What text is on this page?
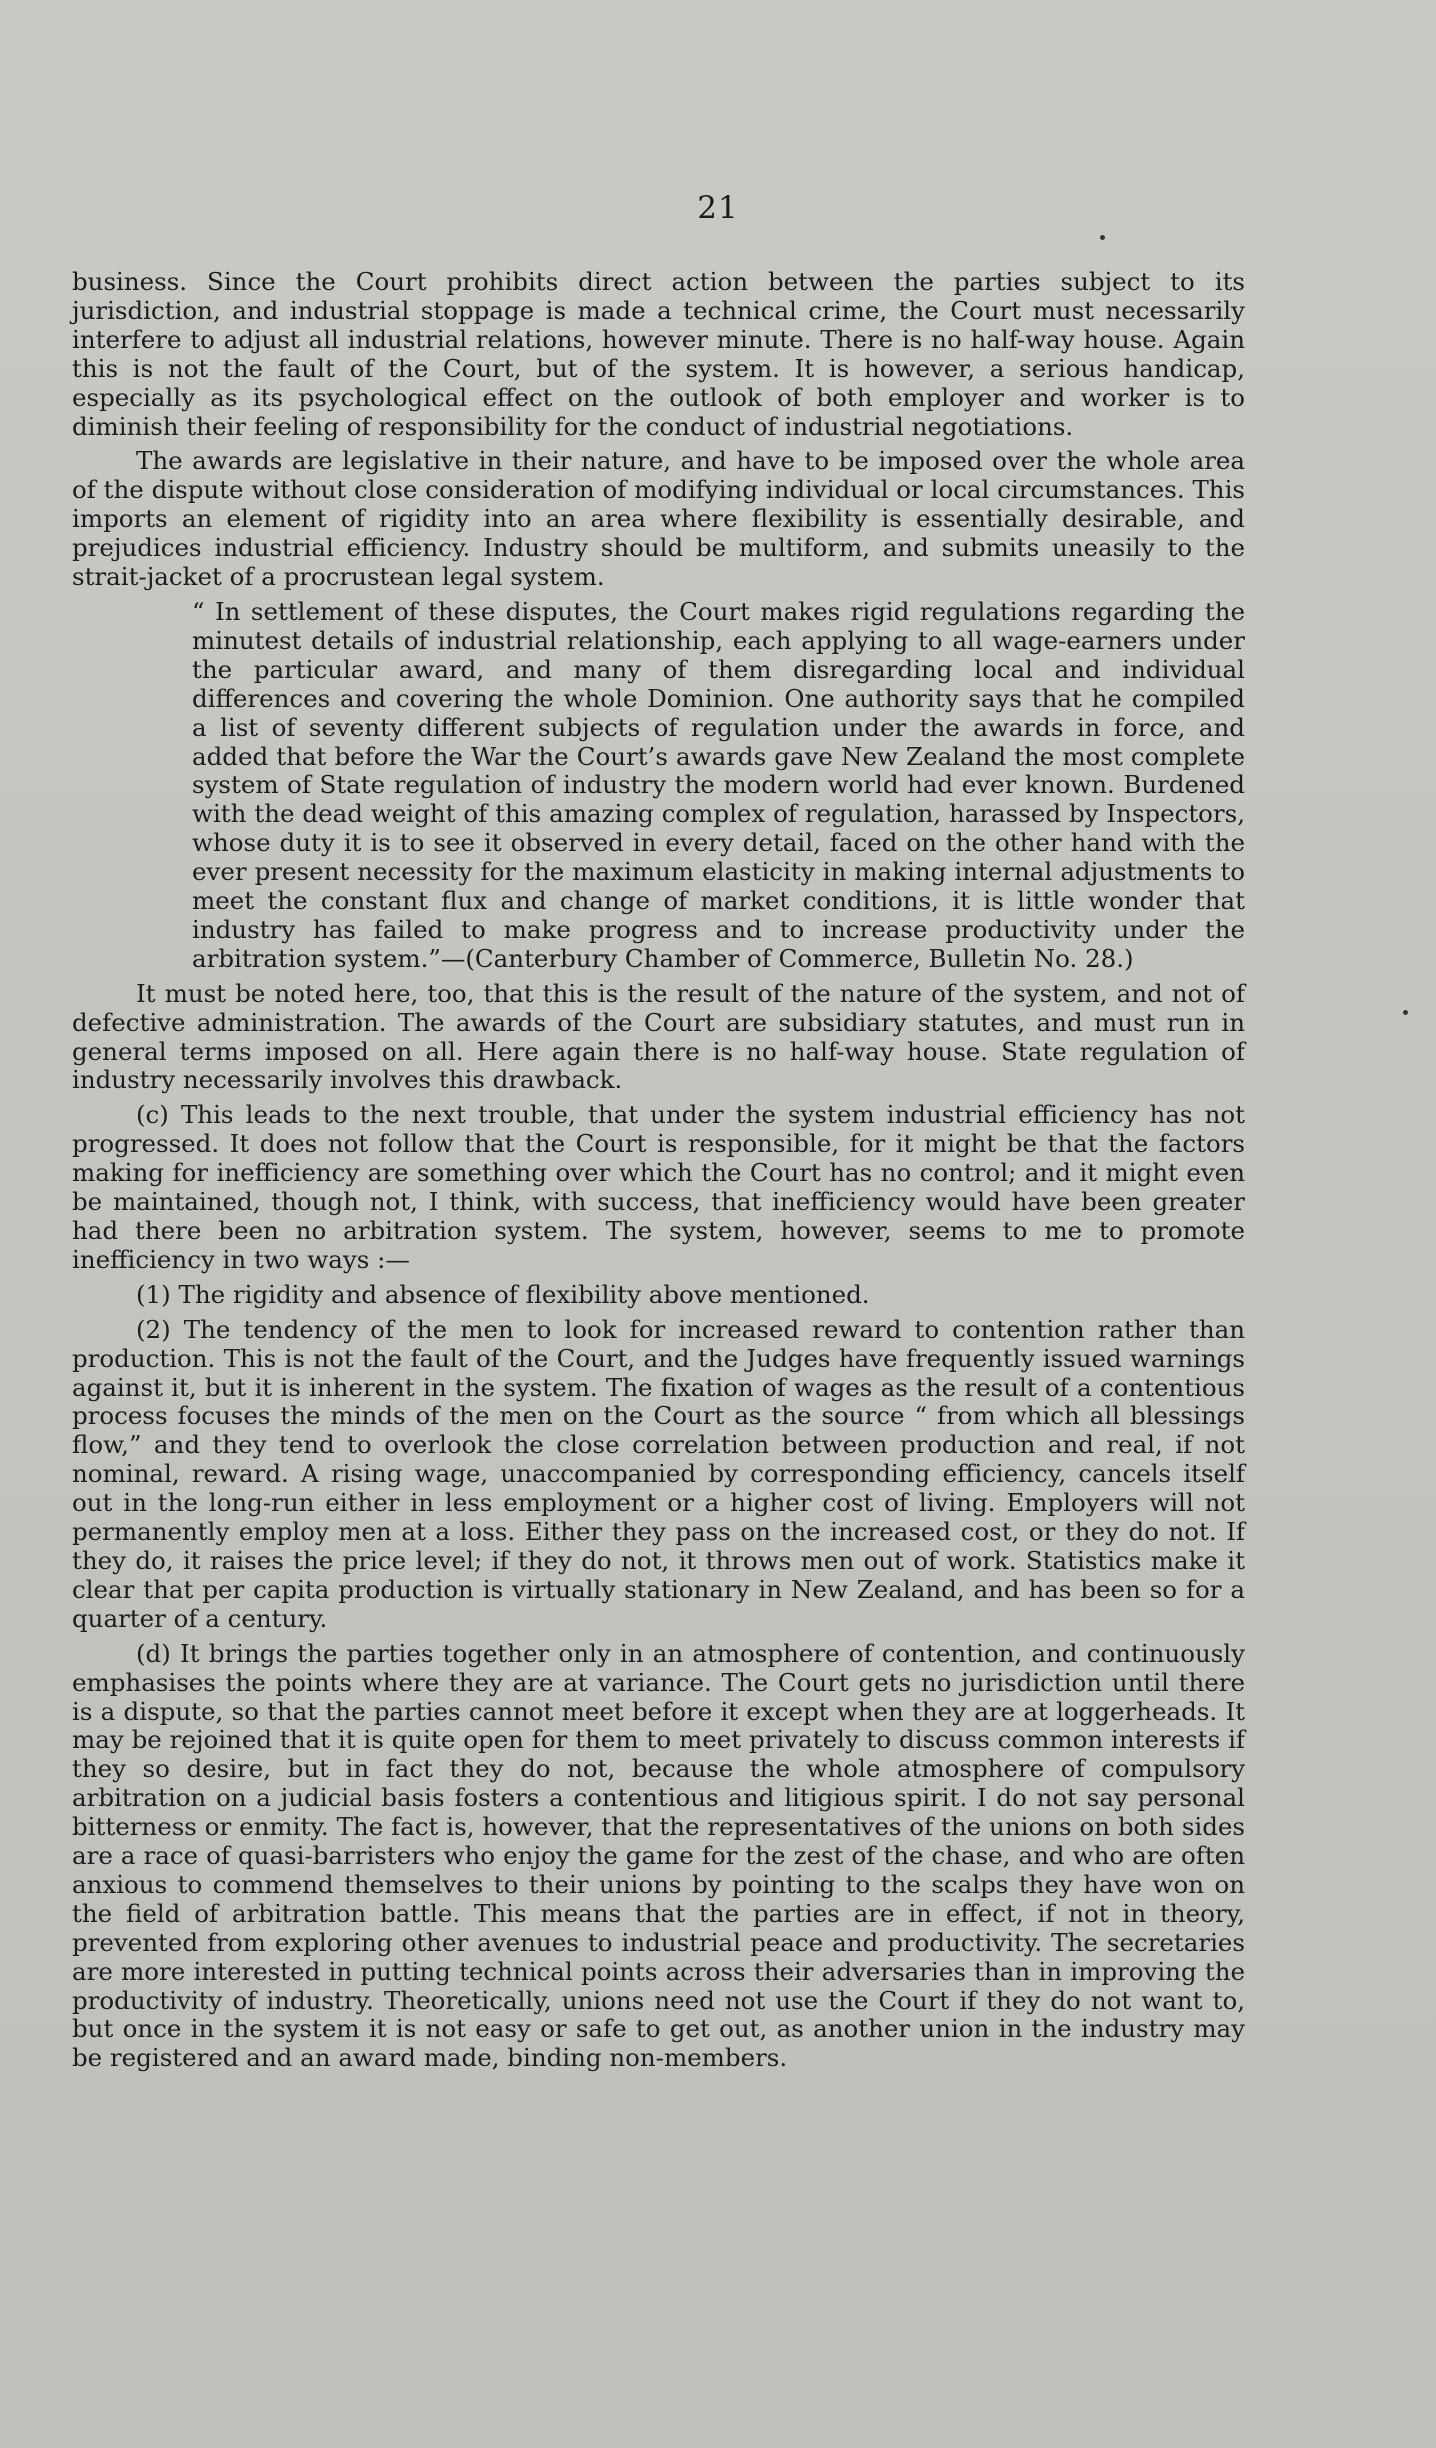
21

business. Since the Court prohibits direct action between the parties subject to its jurisdiction, and industrial stoppage is made a technical crime, the Court must necessarily interfere to adjust all industrial relations, however minute. There is no half-way house. Again this is not the fault of the Court, but of the system. It is however, a serious handicap, especially as its psychological effect on the outlook of both employer and worker is to diminish their feeling of responsibility for the conduct of industrial negotiations.

The awards are legislative in their nature, and have to be imposed over the whole area of the dispute without close consideration of modifying individual or local circumstances. This imports an element of rigidity into an area where flexibility is essentially desirable, and prejudices industrial efficiency. Industry should be multiform, and submits uneasily to the strait-jacket of a procrustean legal system.

“ In settlement of these disputes, the Court makes rigid regulations regarding the minutest details of industrial relationship, each applying to all wage-earners under the particular award, and many of them disregarding local and individual differences and covering the whole Dominion. One authority says that he compiled a list of seventy different subjects of regulation under the awards in force, and added that before the War the Court’s awards gave New Zealand the most complete system of State regulation of industry the modern world had ever known. Burdened with the dead weight of this amazing complex of regulation, harassed by Inspectors, whose duty it is to see it observed in every detail, faced on the other hand with the ever present necessity for the maximum elasticity in making internal adjustments to meet the constant flux and change of market conditions, it is little wonder that industry has failed to make progress and to increase productivity under the arbitration system.”—(Canterbury Chamber of Commerce, Bulletin No. 28.)

It must be noted here, too, that this is the result of the nature of the system, and not of defective administration. The awards of the Court are subsidiary statutes, and must run in general terms imposed on all. Here again there is no half-way house. State regulation of industry necessarily involves this drawback.

(c) This leads to the next trouble, that under the system industrial efficiency has not progressed. It does not follow that the Court is responsible, for it might be that the factors making for inefficiency are something over which the Court has no control; and it might even be maintained, though not, I think, with success, that inefficiency would have been greater had there been no arbitration system. The system, however, seems to me to promote inefficiency in two ways :—

(1) The rigidity and absence of flexibility above mentioned.

(2) The tendency of the men to look for increased reward to contention rather than production. This is not the fault of the Court, and the Judges have frequently issued warnings against it, but it is inherent in the system. The fixation of wages as the result of a contentious process focuses the minds of the men on the Court as the source “ from which all blessings flow,” and they tend to overlook the close correlation between production and real, if not nominal, reward. A rising wage, unaccompanied by corresponding efficiency, cancels itself out in the long-run either in less employment or a higher cost of living. Employers will not permanently employ men at a loss. Either they pass on the increased cost, or they do not. If they do, it raises the price level; if they do not, it throws men out of work. Statistics make it clear that per capita production is virtually stationary in New Zealand, and has been so for a quarter of a century.

(d) It brings the parties together only in an atmosphere of contention, and continuously emphasises the points where they are at variance. The Court gets no jurisdiction until there is a dispute, so that the parties cannot meet before it except when they are at loggerheads. It may be rejoined that it is quite open for them to meet privately to discuss common interests if they so desire, but in fact they do not, because the whole atmosphere of compulsory arbitration on a judicial basis fosters a contentious and litigious spirit. I do not say personal bitterness or enmity. The fact is, however, that the representatives of the unions on both sides are a race of quasi-barristers who enjoy the game for the zest of the chase, and who are often anxious to commend themselves to their unions by pointing to the scalps they have won on the field of arbitration battle. This means that the parties are in effect, if not in theory, prevented from exploring other avenues to industrial peace and productivity. The secretaries are more interested in putting technical points across their adversaries than in improving the productivity of industry. Theoretically, unions need not use the Court if they do not want to, but once in the system it is not easy or safe to get out, as another union in the industry may be registered and an award made, binding non-members.
